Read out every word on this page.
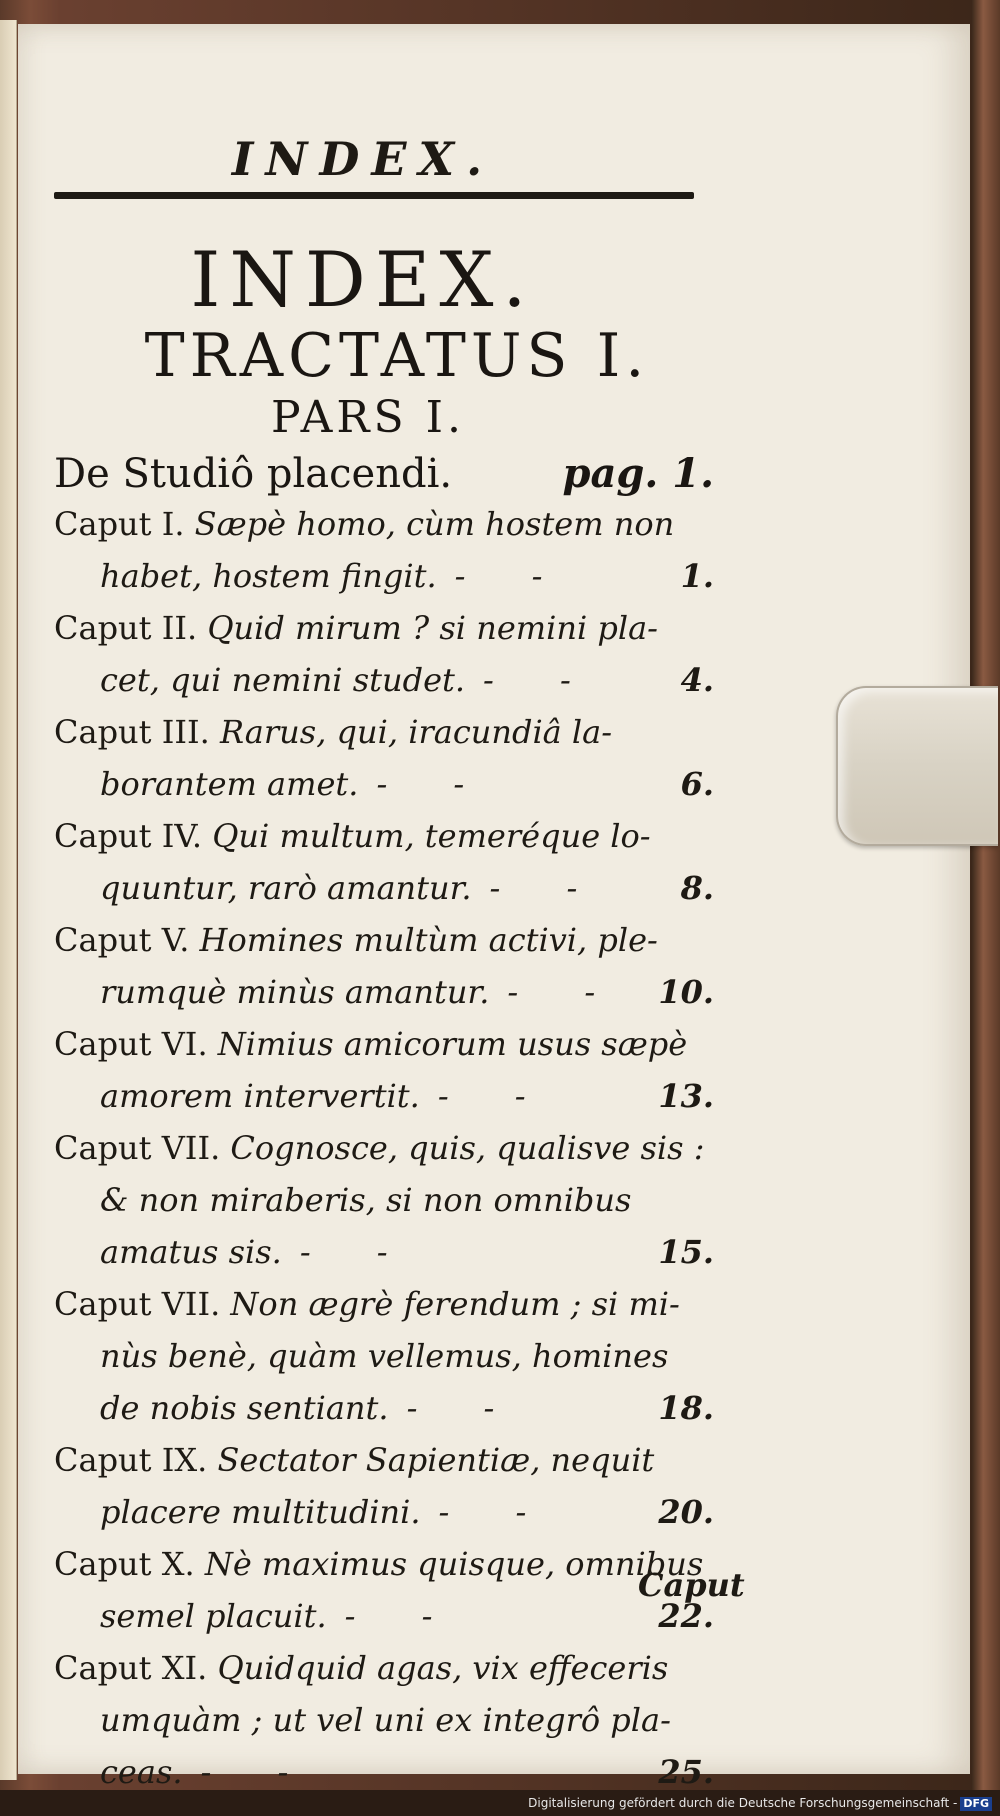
INDEX.
INDEX.
TRACTATUS I.
PARS I.
De Studiô placendi.	pag. 1.
Caput I. Sæpè homo, cùm hostem non
habet, hostem fingit. - -	1.
Caput II. Quid mirum ? si nemini pla-
cet, qui nemini studet. - -	4.
Caput III. Rarus, qui, iracundiâ la-
borantem amet. - -	6.
Caput IV. Qui multum, temeréque lo-
quuntur, rarò amantur. - - 8.
Caput V. Homines multùm activi, ple-
rumquè minùs amantur. - - 10.
Caput VI. Nimius amicorum usus sæpè
amorem intervertit. - -	13.
Caput VII. Cognosce, quis, qualisve sis :
& non miraberis, si non omnibus
amatus sis. - -	15.
Caput VII. Non ægrè ferendum ; si mi-
nùs benè, quàm vellemus, homines
de nobis sentiant. - -	18.
Caput IX. Sectator Sapientiæ, nequit
placere multitudini. - -	20.
Caput X. Nè maximus quisque, omnibus
semel placuit. - -	22.
Caput XI. Quidquid agas, vix effeceris
umquàm ; ut vel uni ex integrô pla-
ceas. - -	25.
Caput
Digitalisierung gefördert durch die Deutsche Forschungsgemeinschaft - DFG
